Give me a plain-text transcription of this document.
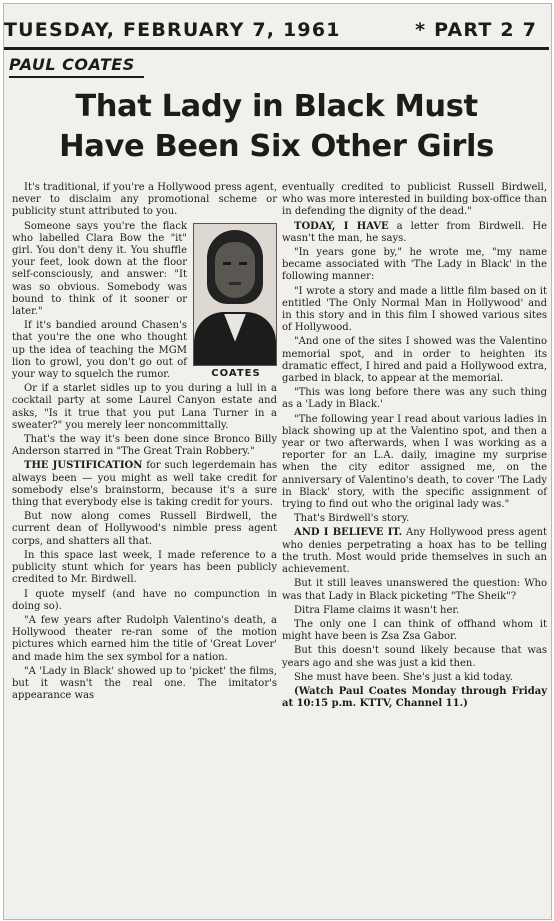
TUESDAY, FEBRUARY 7, 1961	* PART 2 7
PAUL COATES
That Lady in Black Must
Have Been Six Other Girls

It's traditional, if you're a Hollywood press agent, never to disclaim any promotional scheme or publicity stunt attributed to you.

COATES

Someone says you're the flack who labelled Clara Bow the "it" girl. You don't deny it. You shuffle your feet, look down at the floor self-consciously, and answer: "It was so obvious. Somebody was bound to think of it sooner or later."

If it's bandied around Chasen's that you're the one who thought up the idea of teaching the MGM lion to growl, you don't go out of your way to squelch the rumor.

Or if a starlet sidles up to you during a lull in a cocktail party at some Laurel Canyon estate and asks, "Is it true that you put Lana Turner in a sweater?" you merely leer noncommittally.

That's the way it's been done since Bronco Billy Anderson starred in "The Great Train Robbery."

THE JUSTIFICATION for such legerdemain has always been — you might as well take credit for somebody else's brainstorm, because it's a sure thing that everybody else is taking credit for yours.

But now along comes Russell Birdwell, the current dean of Hollywood's nimble press agent corps, and shatters all that.

In this space last week, I made reference to a publicity stunt which for years has been publicly credited to Mr. Birdwell.

I quote myself (and have no compunction in doing so).

"A few years after Rudolph Valentino's death, a Hollywood theater re-ran some of the motion pictures which earned him the title of 'Great Lover' and made him the sex symbol for a nation.

"A 'Lady in Black' showed up to 'picket' the films, but it wasn't the real one. The imitator's appearance was

eventually credited to publicist Russell Birdwell, who was more interested in building box-office than in defending the dignity of the dead."

TODAY, I HAVE a letter from Birdwell. He wasn't the man, he says.

"In years gone by," he wrote me, "my name became associated with 'The Lady in Black' in the following manner:

"I wrote a story and made a little film based on it entitled 'The Only Normal Man in Hollywood' and in this story and in this film I showed various sites of Hollywood.

"And one of the sites I showed was the Valentino memorial spot, and in order to heighten its dramatic effect, I hired and paid a Hollywood extra, garbed in black, to appear at the memorial.

"This was long before there was any such thing as a 'Lady in Black.'

"The following year I read about various ladies in black showing up at the Valentino spot, and then a year or two afterwards, when I was working as a reporter for an L.A. daily, imagine my surprise when the city editor assigned me, on the anniversary of Valentino's death, to cover 'The Lady in Black' story, with the specific assignment of trying to find out who the original lady was."

That's Birdwell's story.

AND I BELIEVE IT. Any Hollywood press agent who denies perpetrating a hoax has to be telling the truth. Most would pride themselves in such an achievement.

But it still leaves unanswered the question: Who was that Lady in Black picketing "The Sheik"?

Ditra Flame claims it wasn't her.

The only one I can think of offhand whom it might have been is Zsa Zsa Gabor.

But this doesn't sound likely because that was years ago and she was just a kid then.

She must have been. She's just a kid today.

(Watch Paul Coates Monday through Friday at 10:15 p.m. KTTV, Channel 11.)
